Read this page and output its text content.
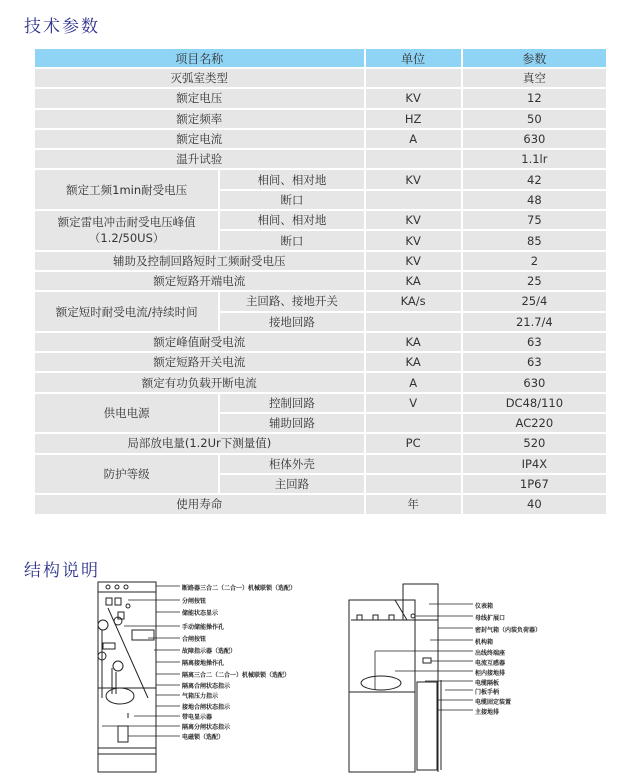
技术参数
项目名称		单位	参数
灭弧室类型			真空
额定电压		KV	12
额定频率		HZ	50
额定电流		A	630
温升试验			1.1lr
额定工频1min耐受电压	相间、相对地	KV	42
	断口		48
额定雷电冲击耐受电压峰值
（1.2/50US）	相间、相对地	KV	75
	断口	KV	85
辅助及控制回路短时工频耐受电压		KV	2
额定短路开端电流		KA	25
额定短时耐受电流/持续时间	主回路、接地开关	KA/s	25/4
	接地回路		21.7/4
额定峰值耐受电流		KA	63
额定短路开关电流		KA	63
额定有功负载开断电流		A	630
供电电源	控制回路	V	DC48/110
	辅助回路		AC220
局部放电量(1.2Ur下测量值)		PC	520
防护等级	柜体外壳		IP4X
	主回路		1P67
使用寿命		年	40
结构说明
断路器三合二（二合一）机械联锁（选配）
分闸按钮
储能状态显示
手动储能操作孔
合闸按钮
故障指示器（选配）
隔离接地操作孔
隔离三合二（二合一）机械联锁（选配）
隔离合闸状态指示
气箱压力指示
接地合闸状态指示
带电显示器
隔离分闸状态指示
电磁锁（选配）
仪表箱
母线扩展口
密封气箱（内装负荷器）
机构箱
出线终端座
电流互感器
柜内接地排
电缆隔板
门板手柄
电缆固定装置
主接地排
